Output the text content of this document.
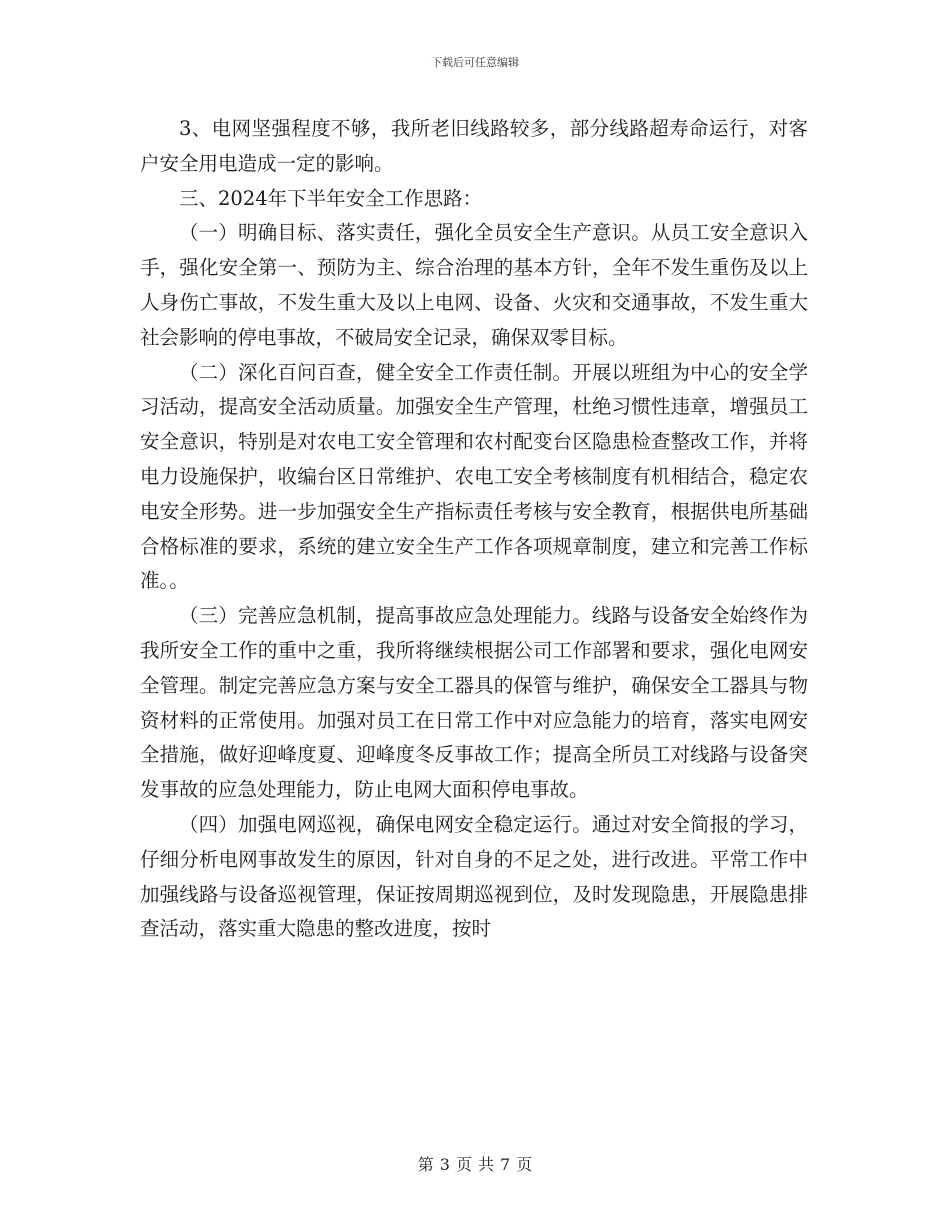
下载后可任意编辑

3、电网坚强程度不够，我所老旧线路较多，部分线路超寿命运行，对客户安全用电造成一定的影响。

三、2024年下半年安全工作思路：

（一）明确目标、落实责任，强化全员安全生产意识。从员工安全意识入手，强化安全第一、预防为主、综合治理的基本方针，全年不发生重伤及以上人身伤亡事故，不发生重大及以上电网、设备、火灾和交通事故，不发生重大社会影响的停电事故，不破局安全记录，确保双零目标。

（二）深化百问百查，健全安全工作责任制。开展以班组为中心的安全学习活动，提高安全活动质量。加强安全生产管理，杜绝习惯性违章，增强员工安全意识，特别是对农电工安全管理和农村配变台区隐患检查整改工作，并将电力设施保护，收编台区日常维护、农电工安全考核制度有机相结合，稳定农电安全形势。进一步加强安全生产指标责任考核与安全教育，根据供电所基础合格标准的要求，系统的建立安全生产工作各项规章制度，建立和完善工作标准。。

（三）完善应急机制，提高事故应急处理能力。线路与设备安全始终作为我所安全工作的重中之重，我所将继续根据公司工作部署和要求，强化电网安全管理。制定完善应急方案与安全工器具的保管与维护，确保安全工器具与物资材料的正常使用。加强对员工在日常工作中对应急能力的培育，落实电网安全措施，做好迎峰度夏、迎峰度冬反事故工作；提高全所员工对线路与设备突发事故的应急处理能力，防止电网大面积停电事故。

（四）加强电网巡视，确保电网安全稳定运行。通过对安全简报的学习，仔细分析电网事故发生的原因，针对自身的不足之处，进行改进。平常工作中加强线路与设备巡视管理，保证按周期巡视到位，及时发现隐患，开展隐患排查活动，落实重大隐患的整改进度，按时

第 3 页 共 7 页
